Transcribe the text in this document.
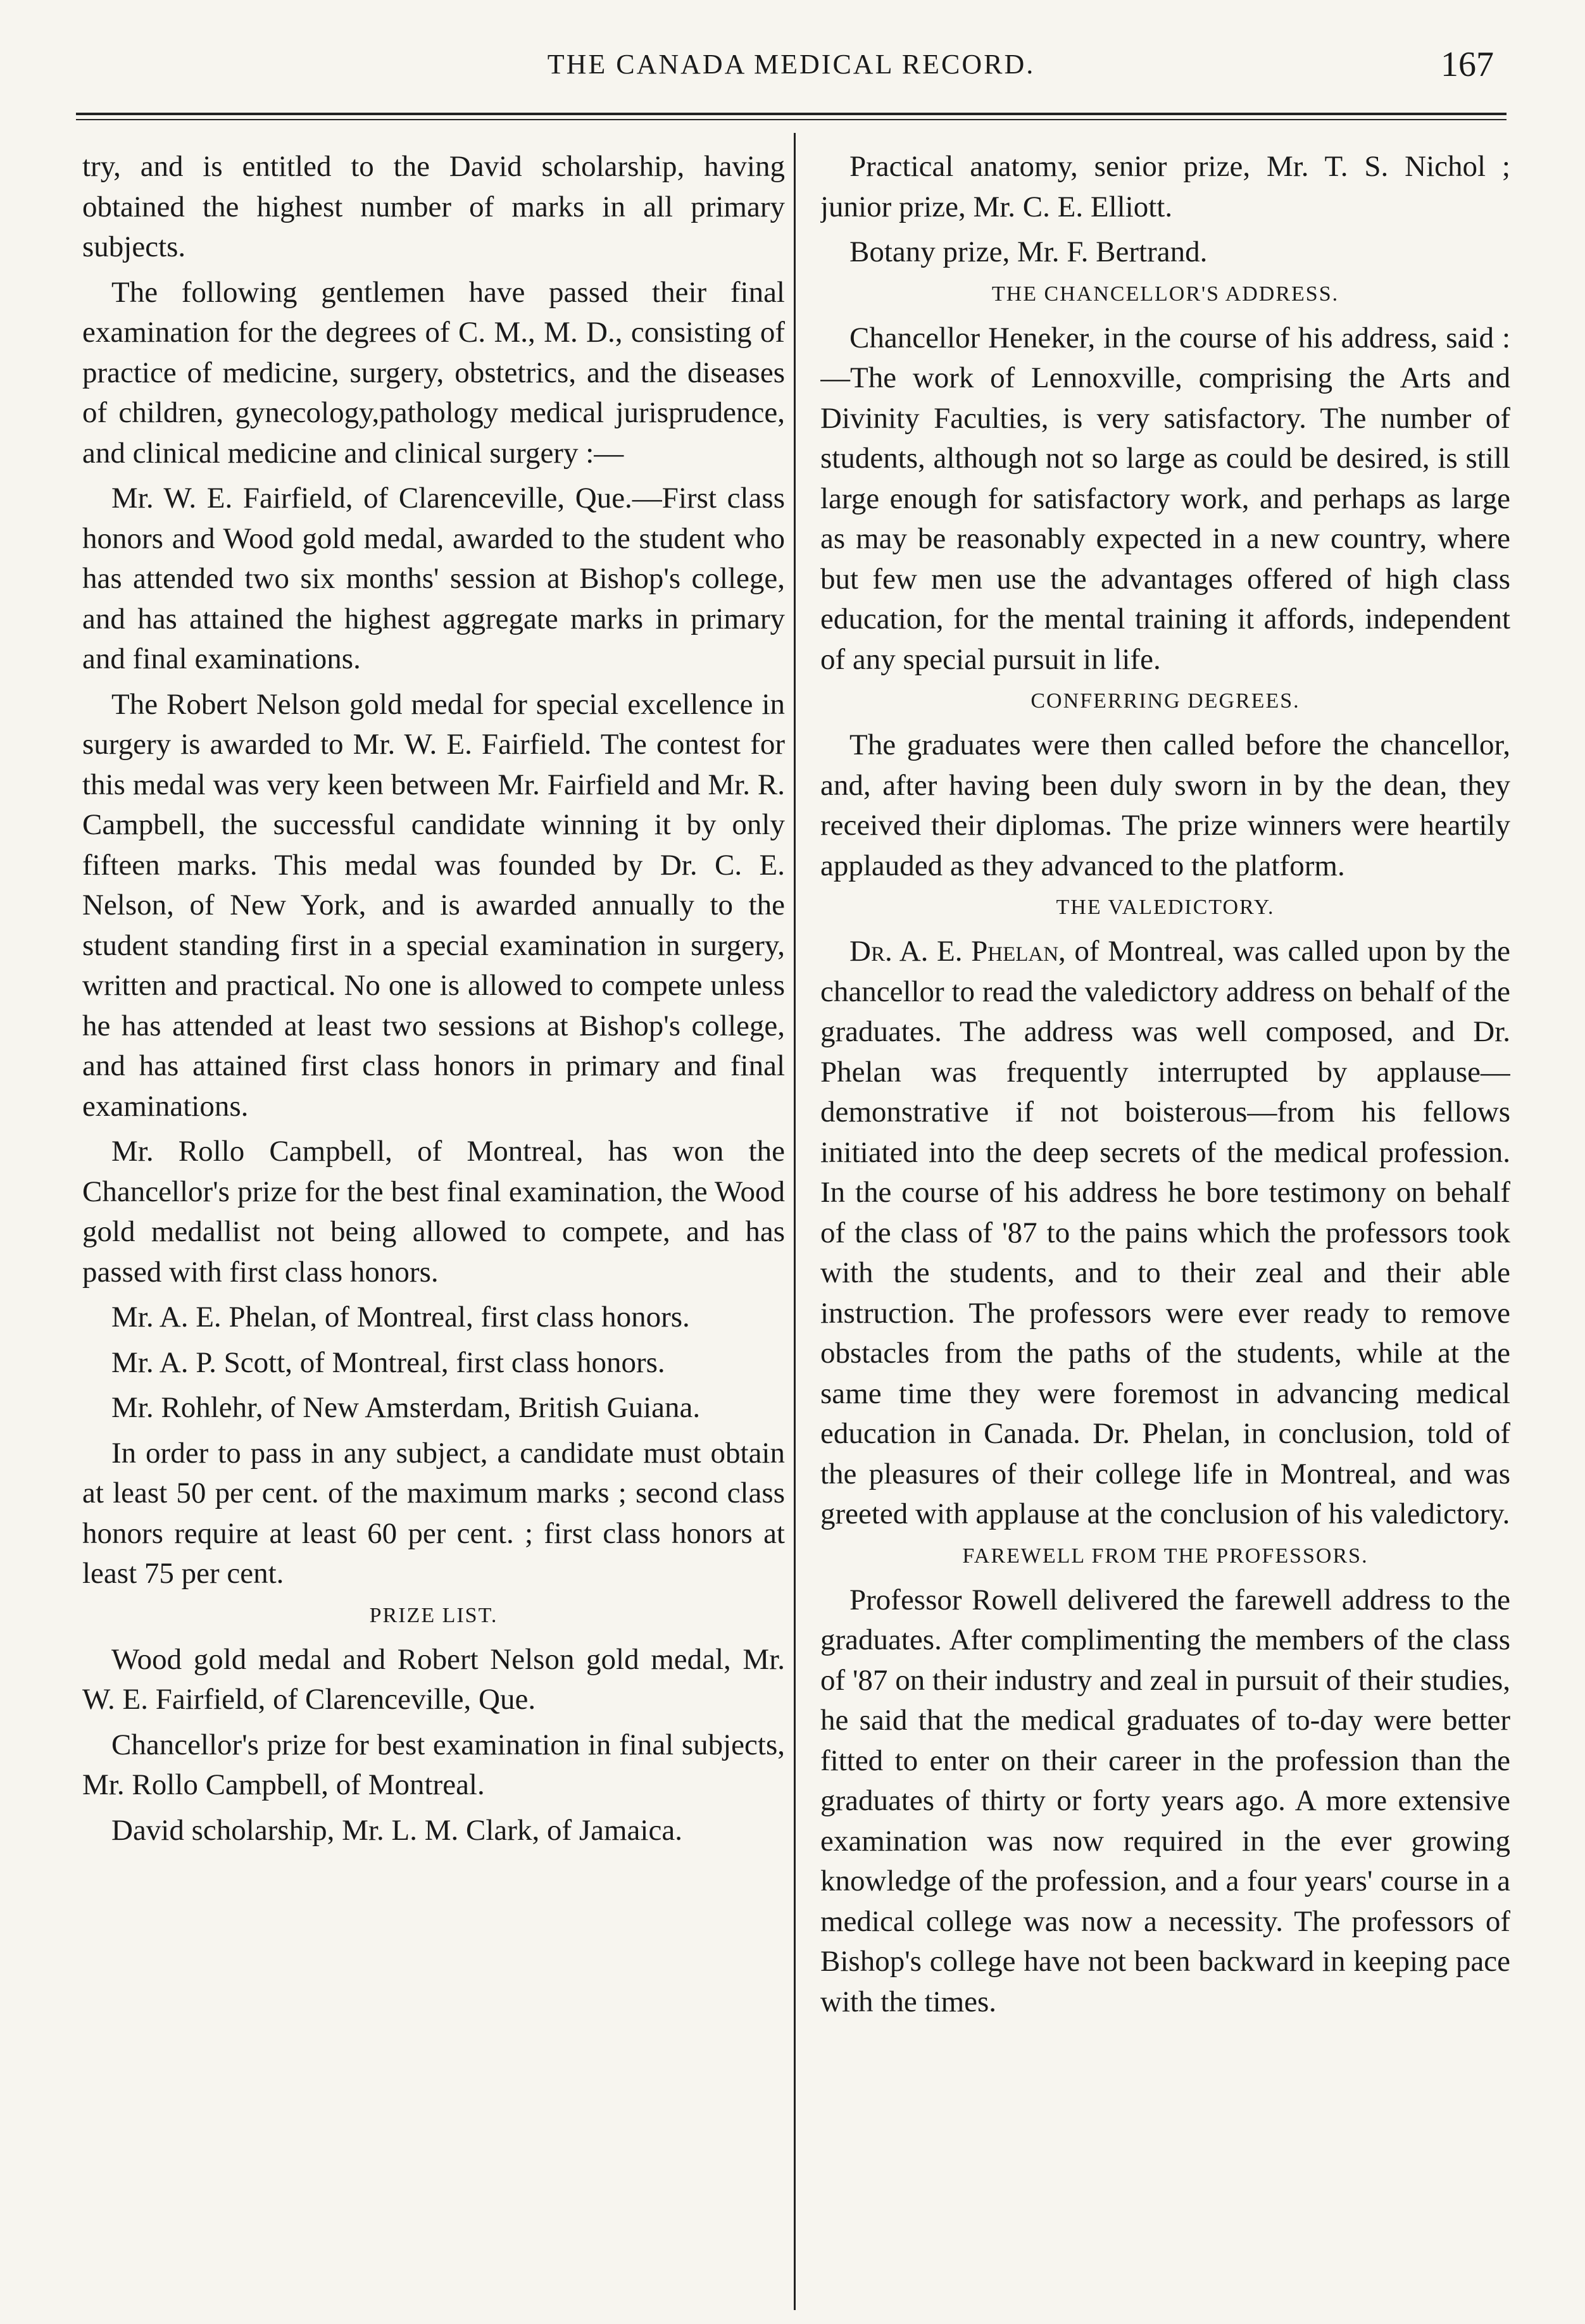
THE CANADA MEDICAL RECORD.	167

try, and is entitled to the David scholarship, having obtained the highest number of marks in all primary subjects.

The following gentlemen have passed their final examination for the degrees of C. M., M. D., consisting of practice of medicine, surgery, obstetrics, and the diseases of children, gynecology,pathology medical jurisprudence, and clinical medicine and clinical surgery :—

Mr. W. E. Fairfield, of Clarenceville, Que.—First class honors and Wood gold medal, awarded to the student who has attended two six months' session at Bishop's college, and has attained the highest aggregate marks in primary and final examinations.

The Robert Nelson gold medal for special excellence in surgery is awarded to Mr. W. E. Fairfield. The contest for this medal was very keen between Mr. Fairfield and Mr. R. Campbell, the successful candidate winning it by only fifteen marks. This medal was founded by Dr. C. E. Nelson, of New York, and is awarded annually to the student standing first in a special examination in surgery, written and practical. No one is allowed to compete unless he has attended at least two sessions at Bishop's college, and has attained first class honors in primary and final examinations.

Mr. Rollo Campbell, of Montreal, has won the Chancellor's prize for the best final examination, the Wood gold medallist not being allowed to compete, and has passed with first class honors.

Mr. A. E. Phelan, of Montreal, first class honors.

Mr. A. P. Scott, of Montreal, first class honors.

Mr. Rohlehr, of New Amsterdam, British Guiana.

In order to pass in any subject, a candidate must obtain at least 50 per cent. of the maximum marks ; second class honors require at least 60 per cent. ; first class honors at least 75 per cent.

PRIZE LIST.

Wood gold medal and Robert Nelson gold medal, Mr. W. E. Fairfield, of Clarenceville, Que.

Chancellor's prize for best examination in final subjects, Mr. Rollo Campbell, of Montreal.

David scholarship, Mr. L. M. Clark, of Jamaica.

Practical anatomy, senior prize, Mr. T. S. Nichol ; junior prize, Mr. C. E. Elliott.

Botany prize, Mr. F. Bertrand.

THE CHANCELLOR'S ADDRESS.

Chancellor Heneker, in the course of his address, said :—The work of Lennoxville, comprising the Arts and Divinity Faculties, is very satisfactory. The number of students, although not so large as could be desired, is still large enough for satisfactory work, and perhaps as large as may be reasonably expected in a new country, where but few men use the advantages offered of high class education, for the mental training it affords, independent of any special pursuit in life.

CONFERRING DEGREES.

The graduates were then called before the chancellor, and, after having been duly sworn in by the dean, they received their diplomas. The prize winners were heartily applauded as they advanced to the platform.

THE VALEDICTORY.

Dr. A. E. Phelan, of Montreal, was called upon by the chancellor to read the valedictory address on behalf of the graduates. The address was well composed, and Dr. Phelan was frequently interrupted by applause—demonstrative if not boisterous—from his fellows initiated into the deep secrets of the medical profession. In the course of his address he bore testimony on behalf of the class of '87 to the pains which the professors took with the students, and to their zeal and their able instruction. The professors were ever ready to remove obstacles from the paths of the students, while at the same time they were foremost in advancing medical education in Canada. Dr. Phelan, in conclusion, told of the pleasures of their college life in Montreal, and was greeted with applause at the conclusion of his valedictory.

FAREWELL FROM THE PROFESSORS.

Professor Rowell delivered the farewell address to the graduates. After complimenting the members of the class of '87 on their industry and zeal in pursuit of their studies, he said that the medical graduates of to-day were better fitted to enter on their career in the profession than the graduates of thirty or forty years ago. A more extensive examination was now required in the ever growing knowledge of the profession, and a four years' course in a medical college was now a necessity. The professors of Bishop's college have not been backward in keeping pace with the times.
